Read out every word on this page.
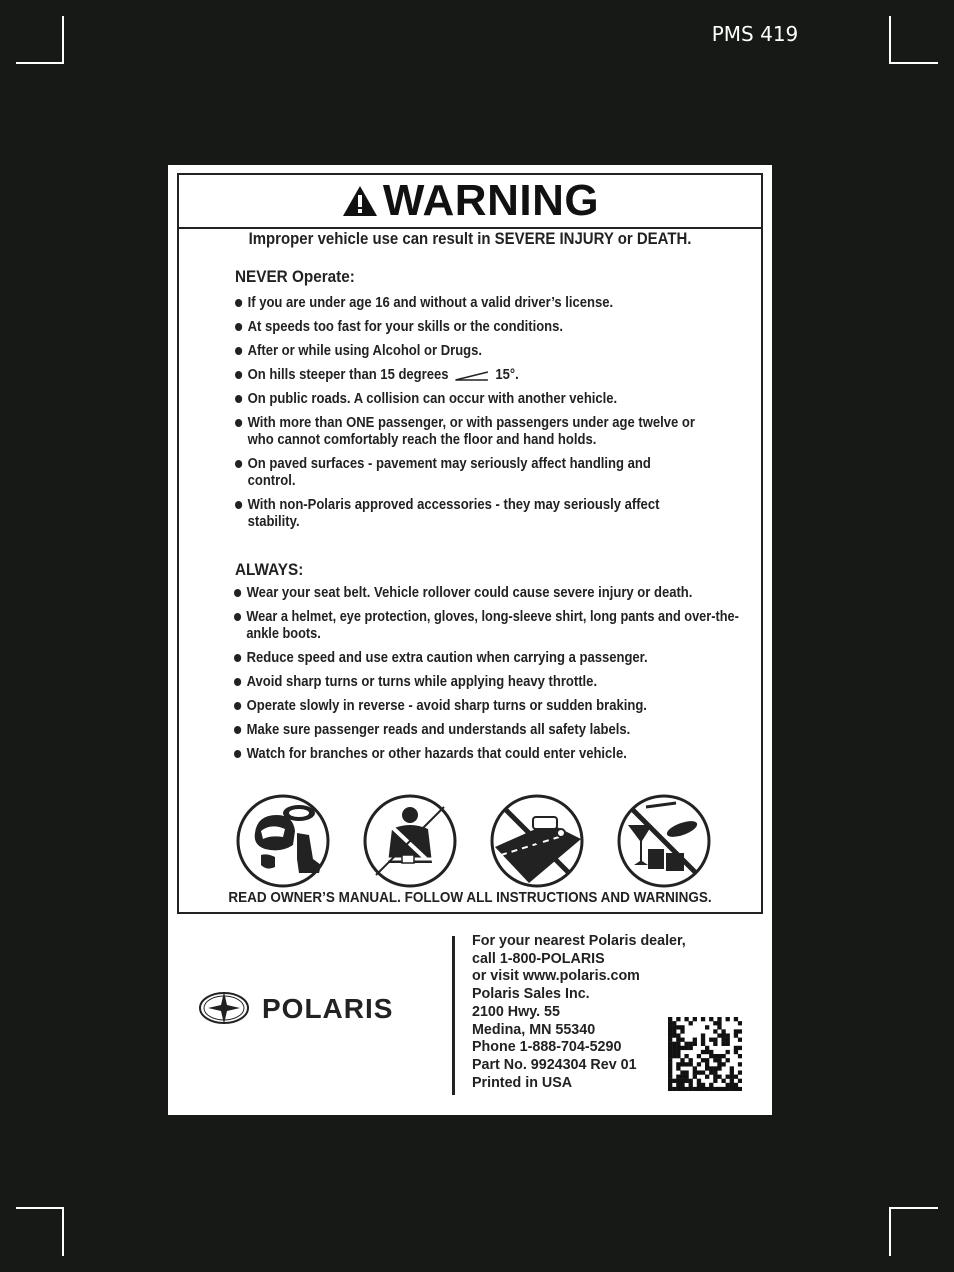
PMS 419
WARNING

Improper vehicle use can result in SEVERE INJURY or DEATH.

NEVER Operate:
If you are under age 16 and without a valid driver’s license.
At speeds too fast for your skills or the conditions.
After or while using Alcohol or Drugs.
On hills steeper than 15 degrees	15°.
On public roads. A collision can occur with another vehicle.
With more than ONE passenger, or with passengers under age twelve or who cannot comfortably reach the floor and hand holds.
On paved surfaces - pavement may seriously affect handling and control.
With non-Polaris approved accessories - they may seriously affect stability.
ALWAYS:
Wear your seat belt. Vehicle rollover could cause severe injury or death.
Wear a helmet, eye protection, gloves, long-sleeve shirt, long pants and over-the-ankle boots.
Reduce speed and use extra caution when carrying a passenger.
Avoid sharp turns or turns while applying heavy throttle.
Operate slowly in reverse - avoid sharp turns or sudden braking.
Make sure passenger reads and understands all safety labels.
Watch for branches or other hazards that could enter vehicle.
READ OWNER’S MANUAL. FOLLOW ALL INSTRUCTIONS AND WARNINGS.
POLARIS
For your nearest Polaris dealer,
call 1-800-POLARIS
or visit www.polaris.com
Polaris Sales Inc.
2100 Hwy. 55
Medina, MN 55340
Phone 1-888-704-5290
Part No. 9924304 Rev 01
Printed in USA
